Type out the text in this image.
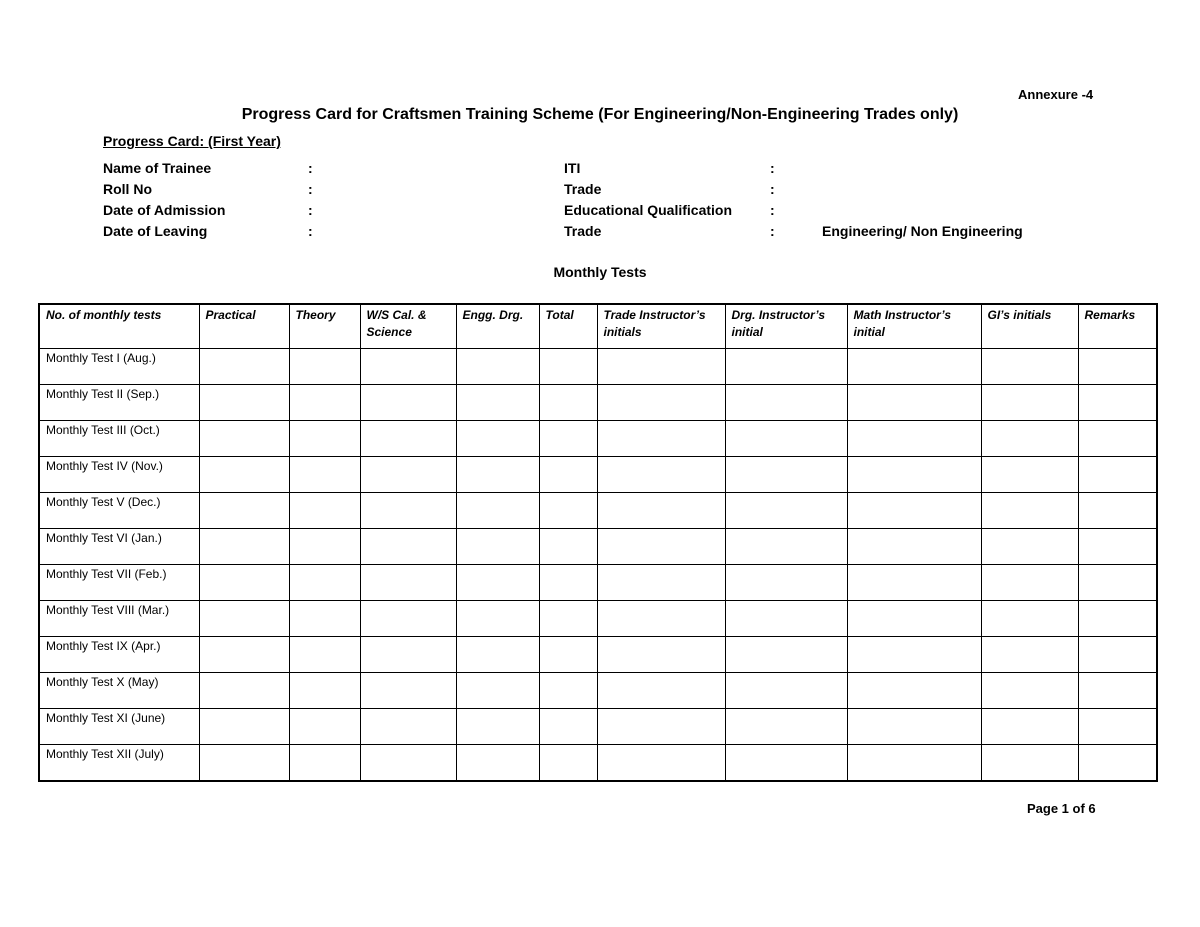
Annexure -4
Progress Card for Craftsmen Training Scheme (For Engineering/Non-Engineering Trades only)
Progress Card: (First Year)
Name of Trainee	:	ITI	:
Roll No	:	Trade	:
Date of Admission	:	Educational Qualification	:
Date of Leaving	:	Trade	:	Engineering/ Non Engineering
Monthly Tests
No. of monthly tests	Practical	Theory	W/S Cal. & Science	Engg. Drg.	Total	Trade Instructor’s initials	Drg. Instructor’s initial	Math Instructor’s initial	GI’s initials	Remarks
Monthly Test I (Aug.)										
Monthly Test II (Sep.)										
Monthly Test III (Oct.)										
Monthly Test IV (Nov.)										
Monthly Test V (Dec.)										
Monthly Test VI (Jan.)										
Monthly Test VII (Feb.)										
Monthly Test VIII (Mar.)										
Monthly Test IX (Apr.)										
Monthly Test X (May)										
Monthly Test XI (June)										
Monthly Test XII (July)										
Page 1 of 6
